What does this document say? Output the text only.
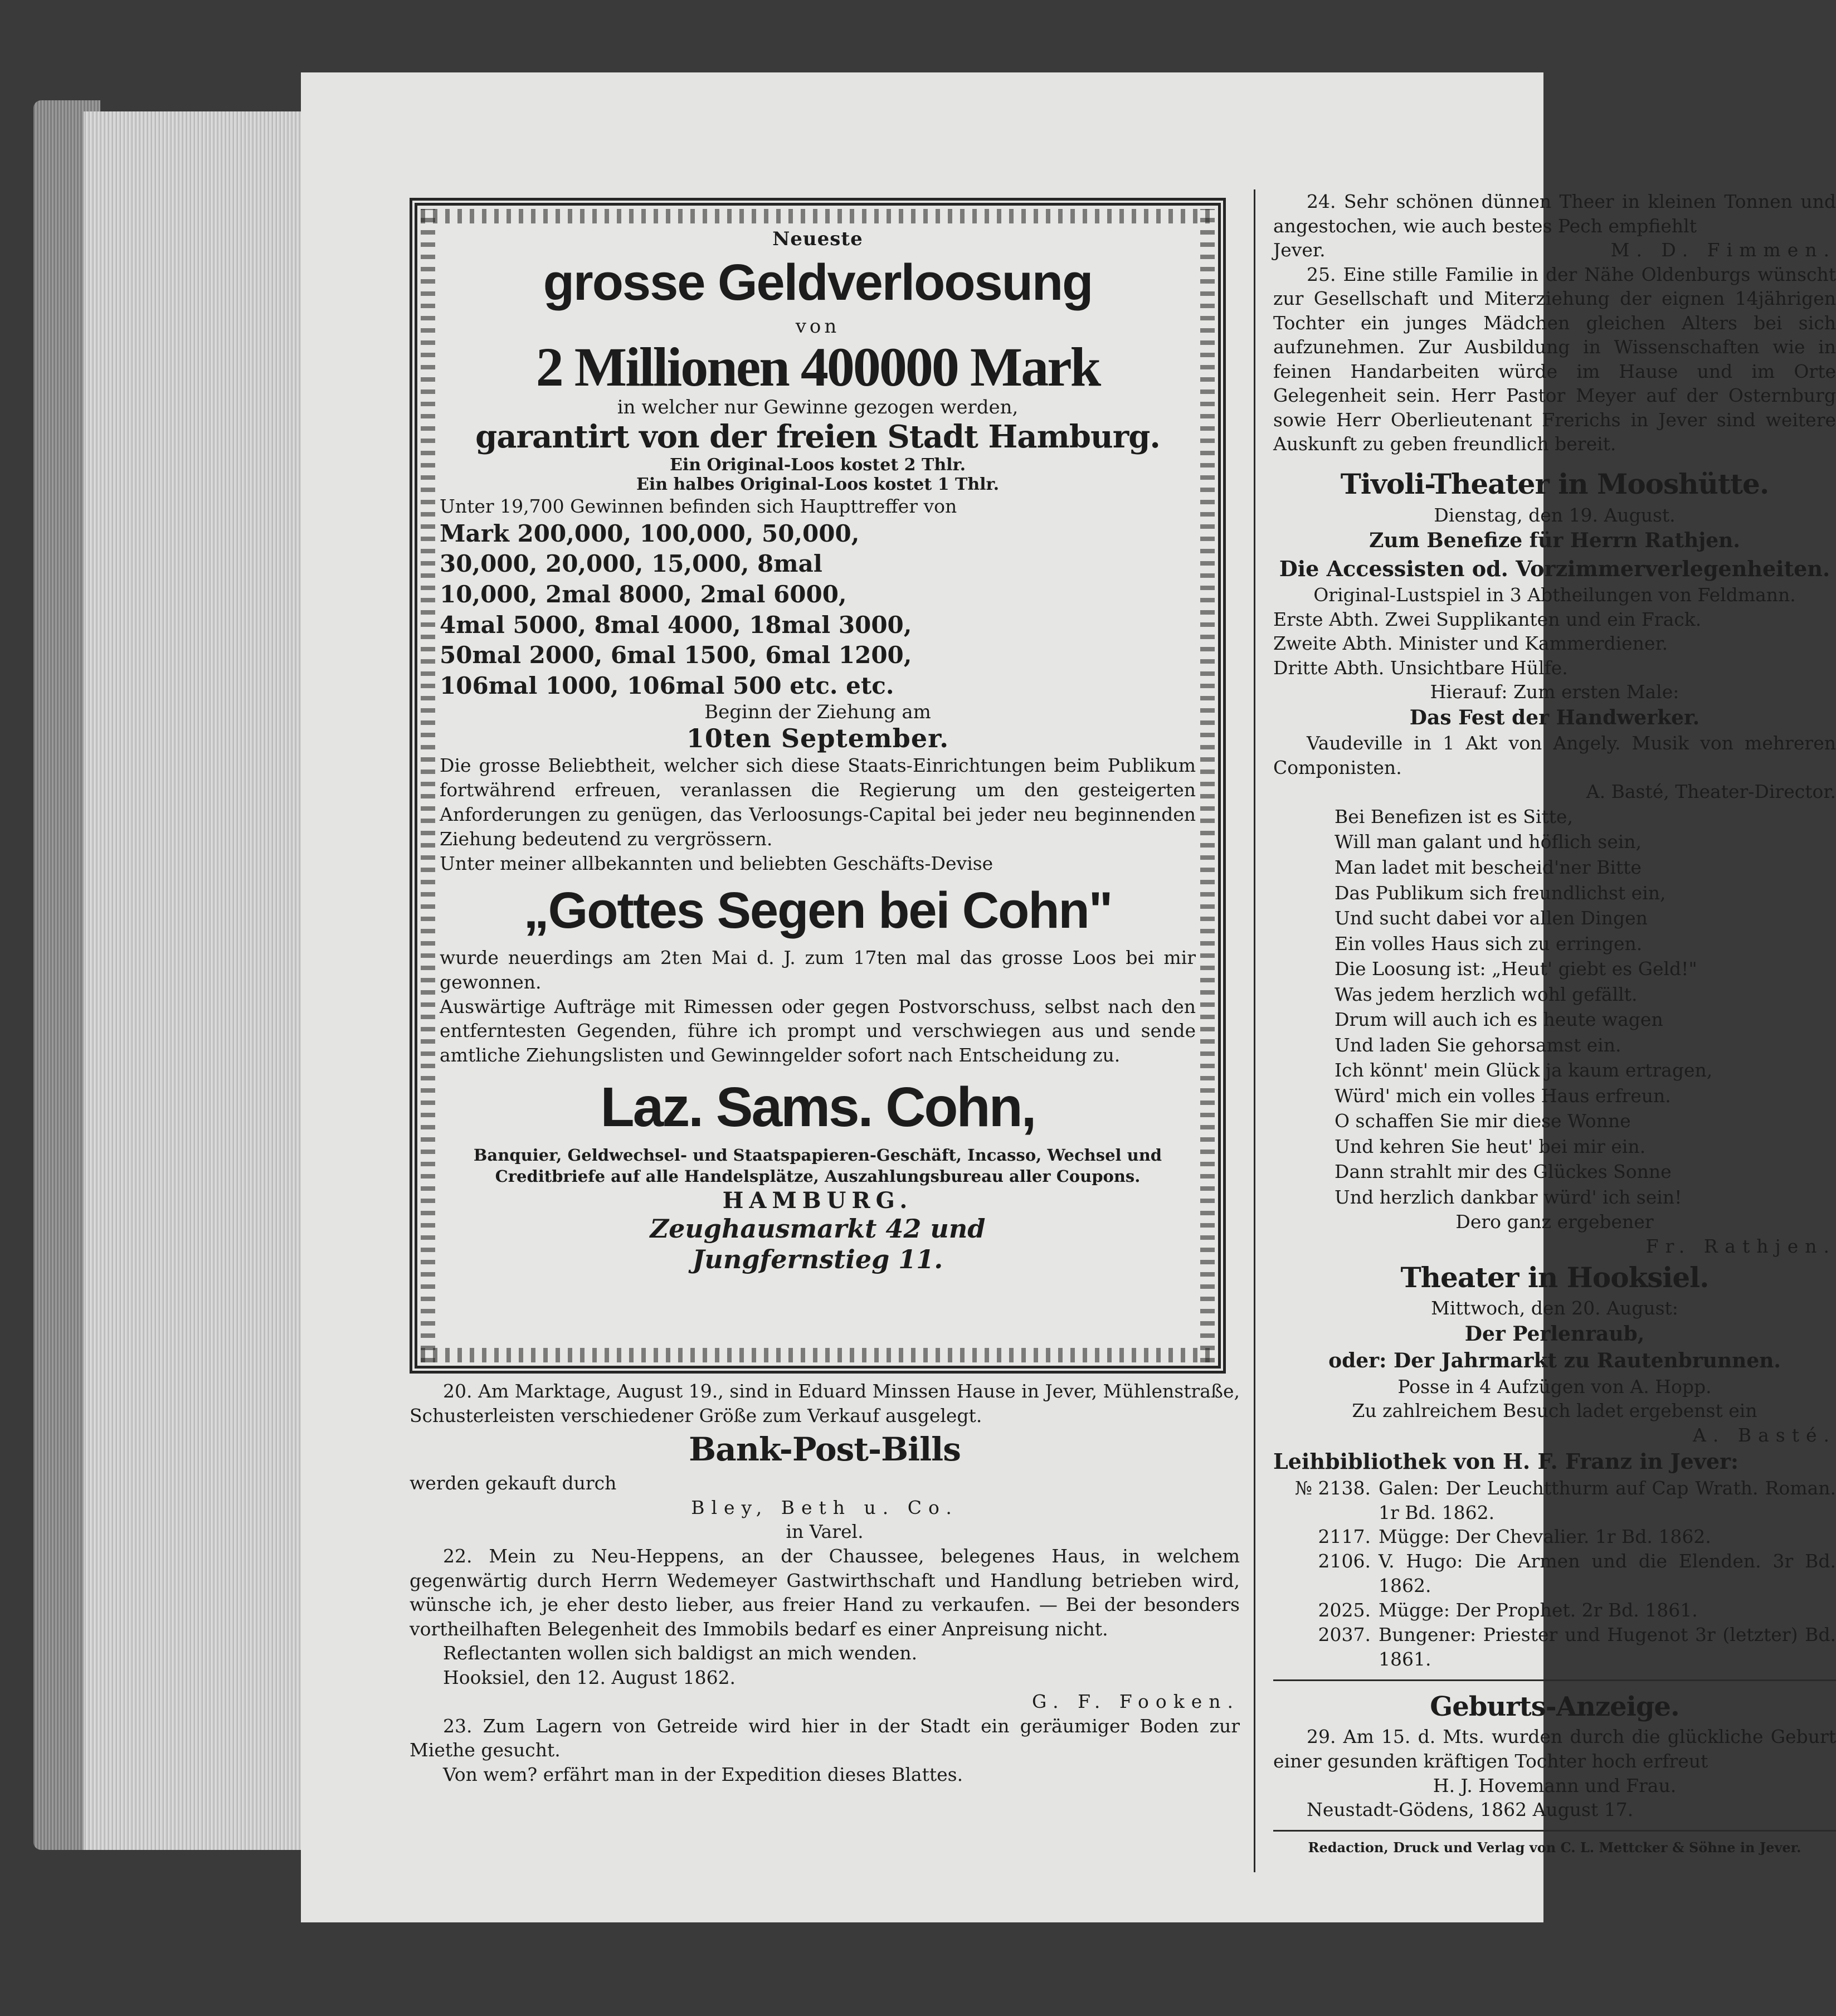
Neueste
grosse Geldverloosung
von
2 Millionen 400000 Mark
in welcher nur Gewinne gezogen werden,
garantirt von der freien Stadt Hamburg.
Ein Original-Loos kostet 2 Thlr.
Ein halbes Original-Loos kostet 1 Thlr.
Unter 19,700 Gewinnen befinden sich Haupttreffer von
Mark 200,000, 100,000, 50,000,
30,000, 20,000, 15,000, 8mal
10,000, 2mal 8000, 2mal 6000,
4mal 5000, 8mal 4000, 18mal 3000,
50mal 2000, 6mal 1500, 6mal 1200,
106mal 1000, 106mal 500 etc. etc.
Beginn der Ziehung am
10ten September.
Die grosse Beliebtheit, welcher sich diese Staats-Einrichtungen beim Publikum fortwährend erfreuen, veranlassen die Regierung um den gesteigerten Anforderungen zu genügen, das Verloosungs-Capital bei jeder neu beginnenden Ziehung bedeutend zu vergrössern.
Unter meiner allbekannten und beliebten Geschäfts-Devise
„Gottes Segen bei Cohn"
wurde neuerdings am 2ten Mai d. J. zum 17ten mal das grosse Loos bei mir gewonnen.
Auswärtige Aufträge mit Rimessen oder gegen Postvorschuss, selbst nach den entferntesten Gegenden, führe ich prompt und verschwiegen aus und sende amtliche Ziehungslisten und Gewinngelder sofort nach Entscheidung zu.
Laz. Sams. Cohn,
Banquier, Geldwechsel- und Staatspapieren-Geschäft, Incasso, Wechsel und Creditbriefe auf alle Handelsplätze, Auszahlungsbureau aller Coupons.
HAMBURG.
Zeughausmarkt 42 und
Jungfernstieg 11.

20. Am Marktage, August 19., sind in Eduard Minssen Hause in Jever, Mühlenstraße, Schusterleisten verschiedener Größe zum Verkauf ausgelegt.

Bank-Post-Bills

werden gekauft durch

Bley, Beth u. Co.

in Varel.

22. Mein zu Neu-Heppens, an der Chaussee, belegenes Haus, in welchem gegenwärtig durch Herrn Wedemeyer Gastwirthschaft und Handlung betrieben wird, wünsche ich, je eher desto lieber, aus freier Hand zu verkaufen. — Bei der besonders vortheilhaften Belegenheit des Immobils bedarf es einer Anpreisung nicht.

Reflectanten wollen sich baldigst an mich wenden.

Hooksiel, den 12. August 1862.

G. F. Fooken.

23. Zum Lagern von Getreide wird hier in der Stadt ein geräumiger Boden zur Miethe gesucht.

Von wem? erfährt man in der Expedition dieses Blattes.

24. Sehr schönen dünnen Theer in kleinen Tonnen und angestochen, wie auch bestes Pech empfiehlt

Jever.	M. D. Fimmen.

25. Eine stille Familie in der Nähe Oldenburgs wünscht zur Gesellschaft und Miterziehung der eignen 14jährigen Tochter ein junges Mädchen gleichen Alters bei sich aufzunehmen. Zur Ausbildung in Wissenschaften wie in feinen Handarbeiten würde im Hause und im Orte Gelegenheit sein. Herr Pastor Meyer auf der Osternburg sowie Herr Oberlieutenant Frerichs in Jever sind weitere Auskunft zu geben freundlich bereit.

Tivoli-Theater in Mooshütte.

Dienstag, den 19. August.

Zum Benefize für Herrn Rathjen.
Die Accessisten od. Vorzimmerverlegenheiten.

Original-Lustspiel in 3 Abtheilungen von Feldmann.

Erste Abth. Zwei Supplikanten und ein Frack.

Zweite Abth. Minister und Kammerdiener.

Dritte Abth. Unsichtbare Hülfe.

Hierauf: Zum ersten Male:

Das Fest der Handwerker.

Vaudeville in 1 Akt von Angely. Musik von mehreren Componisten.

A. Basté, Theater-Director.

Bei Benefizen ist es Sitte,
Will man galant und höflich sein,
Man ladet mit bescheid'ner Bitte
Das Publikum sich freundlichst ein,
Und sucht dabei vor allen Dingen
Ein volles Haus sich zu erringen.
Die Loosung ist: „Heut' giebt es Geld!"
Was jedem herzlich wohl gefällt.
Drum will auch ich es heute wagen
Und laden Sie gehorsamst ein.
Ich könnt' mein Glück ja kaum ertragen,
Würd' mich ein volles Haus erfreun.
O schaffen Sie mir diese Wonne
Und kehren Sie heut' bei mir ein.
Dann strahlt mir des Glückes Sonne
Und herzlich dankbar würd' ich sein!

Dero ganz ergebener

Fr. Rathjen.

Theater in Hooksiel.

Mittwoch, den 20. August:

Der Perlenraub,
oder: Der Jahrmarkt zu Rautenbrunnen.

Posse in 4 Aufzügen von A. Hopp.

Zu zahlreichem Besuch ladet ergebenst ein

A. Basté.

Leihbibliothek von H. F. Franz in Jever:
№ 2138. Galen: Der Leuchtthurm auf Cap Wrath. Roman. 1r Bd. 1862.
2117. Mügge: Der Chevalier. 1r Bd. 1862.
2106. V. Hugo: Die Armen und die Elenden. 3r Bd. 1862.
2025. Mügge: Der Prophet. 2r Bd. 1861.
2037. Bungener: Priester und Hugenot 3r (letzter) Bd. 1861.
Geburts-Anzeige.

29. Am 15. d. Mts. wurden durch die glückliche Geburt einer gesunden kräftigen Tochter hoch erfreut

H. J. Hovemann und Frau.

Neustadt-Gödens, 1862 August 17.

Redaction, Druck und Verlag von C. L. Mettcker & Söhne in Jever.
